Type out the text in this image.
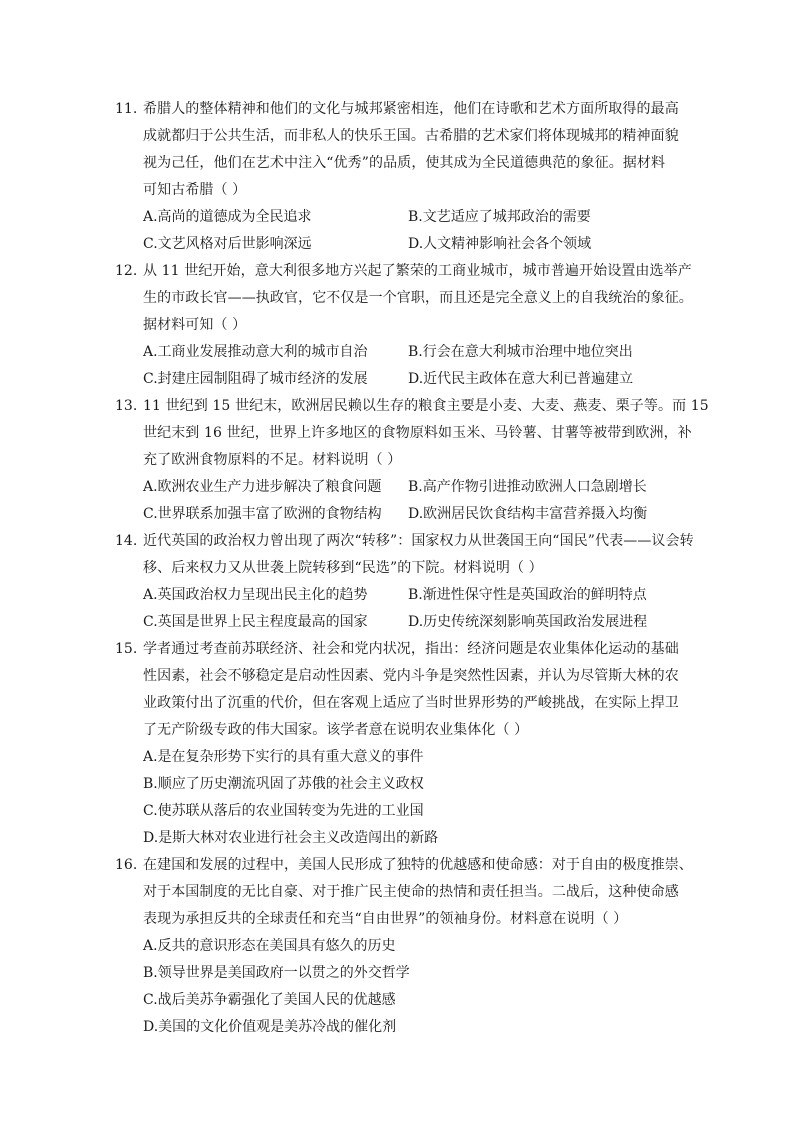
11. 希腊人的整体精神和他们的文化与城邦紧密相连，他们在诗歌和艺术方面所取得的最高
成就都归于公共生活，而非私人的快乐王国。古希腊的艺术家们将体现城邦的精神面貌
视为己任，他们在艺术中注入“优秀”的品质，使其成为全民道德典范的象征。据材料
可知古希腊（ ）
A.高尚的道德成为全民追求	B.文艺适应了城邦政治的需要
C.文艺风格对后世影响深远	D.人文精神影响社会各个领域
12. 从 11 世纪开始，意大利很多地方兴起了繁荣的工商业城市，城市普遍开始设置由选举产
生的市政长官——执政官，它不仅是一个官职，而且还是完全意义上的自我统治的象征。
据材料可知（ ）
A.工商业发展推动意大利的城市自治	B.行会在意大利城市治理中地位突出
C.封建庄园制阻碍了城市经济的发展	D.近代民主政体在意大利已普遍建立
13. 11 世纪到 15 世纪末，欧洲居民赖以生存的粮食主要是小麦、大麦、燕麦、栗子等。而 15
世纪末到 16 世纪，世界上许多地区的食物原料如玉米、马铃薯、甘薯等被带到欧洲，补
充了欧洲食物原料的不足。材料说明（ ）
A.欧洲农业生产力进步解决了粮食问题 B.高产作物引进推动欧洲人口急剧增长
C.世界联系加强丰富了欧洲的食物结构 D.欧洲居民饮食结构丰富营养摄入均衡
14. 近代英国的政治权力曾出现了两次“转移”：国家权力从世袭国王向“国民”代表——议会转
移、后来权力又从世袭上院转移到“民选”的下院。材料说明（ ）
A.英国政治权力呈现出民主化的趋势	B.渐进性保守性是英国政治的鲜明特点
C.英国是世界上民主程度最高的国家	D.历史传统深刻影响英国政治发展进程
15. 学者通过考查前苏联经济、社会和党内状况，指出：经济问题是农业集体化运动的基础
性因素，社会不够稳定是启动性因素、党内斗争是突然性因素，并认为尽管斯大林的农
业政策付出了沉重的代价，但在客观上适应了当时世界形势的严峻挑战，在实际上捍卫
了无产阶级专政的伟大国家。该学者意在说明农业集体化（ ）
A.是在复杂形势下实行的具有重大意义的事件
B.顺应了历史潮流巩固了苏俄的社会主义政权
C.使苏联从落后的农业国转变为先进的工业国
D.是斯大林对农业进行社会主义改造闯出的新路
16. 在建国和发展的过程中，美国人民形成了独特的优越感和使命感：对于自由的极度推崇、
对于本国制度的无比自豪、对于推广民主使命的热情和责任担当。二战后，这种使命感
表现为承担反共的全球责任和充当“自由世界”的领袖身份。材料意在说明（ ）
A.反共的意识形态在美国具有悠久的历史
B.领导世界是美国政府一以贯之的外交哲学
C.战后美苏争霸强化了美国人民的优越感
D.美国的文化价值观是美苏冷战的催化剂
